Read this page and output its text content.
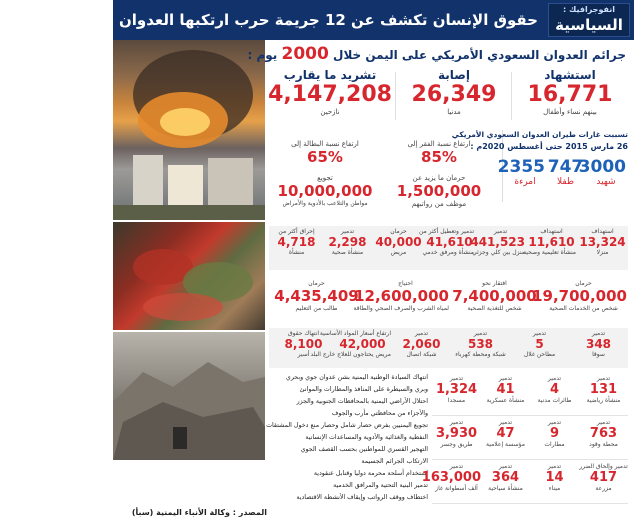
انفوجرافيك :
السياسية
حقوق الإنسان تكشف عن 12 جريمة حرب ارتكبها العدوان خلال 2000 يوم
المصدر : وكالة الأنباء اليمنية (سبأ)
جرائم العدوان السعودي الأمريكي على اليمن خلال 2000 يوم :
استشهاد
16,771
بينهم نساء وأطفال
إصابة
26,349
مدنيا
تشريد ما يقارب
4,147,208
نازحين
تسببت غارات طيران العدوان السعودي الأمريكي
26 مارس 2015 حتى أغسطس 2020م :
3000
شهيد
747
طفلا
2355
امرءة
ارتفاع نسبة الفقر إلى
85%
ارتفاع نسبة البطالة إلى
65%
حرمان ما يزيد عن
1,500,000
موظف من رواتبهم
تجويع
10,000,000
مواطن والتلاعب بالأدوية والأمراض
استهداف
13,324
منزلا
استهداف
11,610
منشأة تعليمية وصحية
تدمير
441,523
منزل بين كلي وجزئي
تدمير وتعطيل أكثر من
41,610
منشأة ومرفق خدمي
حرمان
40,000
مريض
تدمير
2,298
منشأة صحية
إحراق أكثر من
4,718
منشأة
حرمان
19,700,000
شخص من الخدمات الصحية
افتقار نحو
7,400,000
شخص للتغذية الصحية
احتياج
12,600,000
لمياه الشرب والصرف الصحي والطاقة
حرمان
4,435,409
طالب من التعليم
تدمير
348
سوقا
تدمير
5
مطاحن غلال
تدمير
538
شبكة ومحطة كهرباء
تدمير
2,060
شبكة اتصال
ارتفاع أسعار المواد الأساسية
42,000
مريض يحتاجون للعلاج خارج البلد
انتهاك حقوق
8,100
أسير
انتهاك السيادة الوطنية اليمنية بشن عدوان جوي وبحري
وبري والسيطرة على المنافذ والمطارات والموانئ
احتلال الأراضي اليمنية بالمحافظات الجنوبية والجزر
والأجزاء من محافظتي مأرب والجوف
تجويع اليمنيين بفرض حصار شامل وحصار منع دخول المشتقات
النفطية والغذائية والأدوية والمساعدات الإنسانية
التهجير القسري للمواطنين بحسب القصف الجوي
الارتكاب الجرائم الجسيمة
استخدام أسلحة محرمة دوليا وقنابل عنقودية
تدمير البنية التحتية والمرافق الخدمية
اختطاف ووقف الرواتب وإيقاف الأنشطة الاقتصادية
تدمير
131
منشأة رياضية
تدمير
4
طائرات مدنية
تدمير
41
منشأة عسكرية
تدمير
1,324
مسجدا
تدمير
763
محطة وقود
تدمير
9
مطارات
تدمير
47
مؤسسة إعلامية
تدمير
3,930
طريق وجسر
تدمير وإلحاق الضرر
417
مزرعة
تدمير
14
ميناء
تدمير
364
منشأة سياحية
تدمير
163,000
آلف أسطوانة غاز
